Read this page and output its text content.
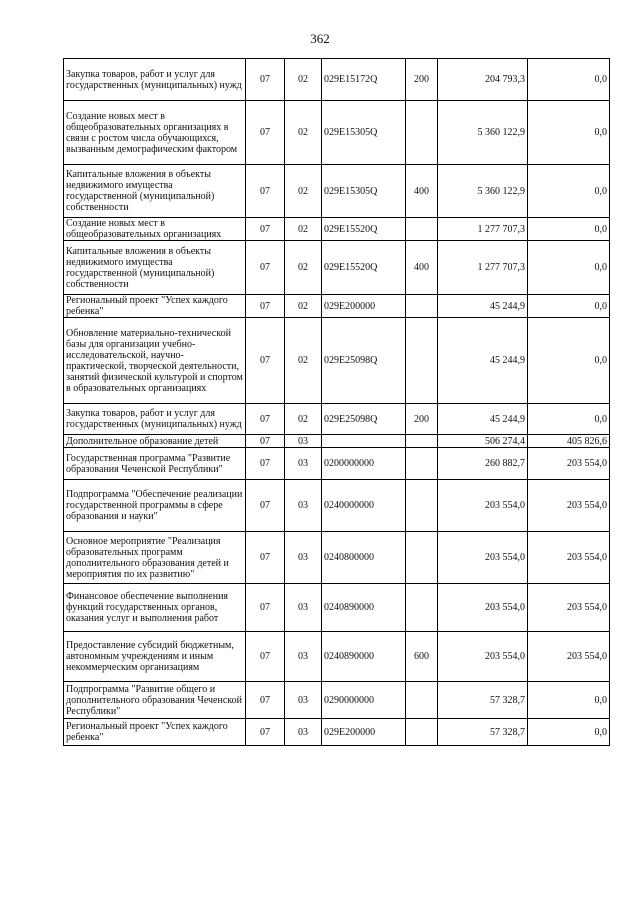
362
Закупка товаров, работ и услуг для государственных (муниципальных) нужд	07	02	029E15172Q	200	204 793,3	0,0
Создание новых мест в общеобразовательных организациях в связи с ростом числа обучающихся, вызванным демографическим фактором	07	02	029E15305Q		5 360 122,9	0,0
Капитальные вложения в объекты недвижимого имущества государственной (муниципальной) собственности	07	02	029E15305Q	400	5 360 122,9	0,0
Создание новых мест в общеобразовательных организациях	07	02	029E15520Q		1 277 707,3	0,0
Капитальные вложения в объекты недвижимого имущества государственной (муниципальной) собственности	07	02	029E15520Q	400	1 277 707,3	0,0
Региональный проект "Успех каждого ребенка"	07	02	029E200000		45 244,9	0,0
Обновление материально-технической базы для организации учебно-исследовательской, научно-практической, творческой деятельности, занятий физической культурой и спортом в образовательных организациях	07	02	029E25098Q		45 244,9	0,0
Закупка товаров, работ и услуг для государственных (муниципальных) нужд	07	02	029E25098Q	200	45 244,9	0,0
Дополнительное образование детей	07	03			506 274,4	405 826,6
Государственная программа "Развитие образования Чеченской Республики"	07	03	0200000000		260 882,7	203 554,0
Подпрограмма "Обеспечение реализации государственной программы в сфере образования и науки"	07	03	0240000000		203 554,0	203 554,0
Основное мероприятие "Реализация образовательных программ дополнительного образования детей и мероприятия по их развитию"	07	03	0240800000		203 554,0	203 554,0
Финансовое обеспечение выполнения функций государственных органов, оказания услуг и выполнения работ	07	03	0240890000		203 554,0	203 554,0
Предоставление субсидий бюджетным, автономным учреждениям и иным некоммерческим организациям	07	03	0240890000	600	203 554,0	203 554,0
Подпрограмма "Развитие общего и дополнительного образования Чеченской Республики"	07	03	0290000000		57 328,7	0,0
Региональный проект "Успех каждого ребенка"	07	03	029E200000		57 328,7	0,0
